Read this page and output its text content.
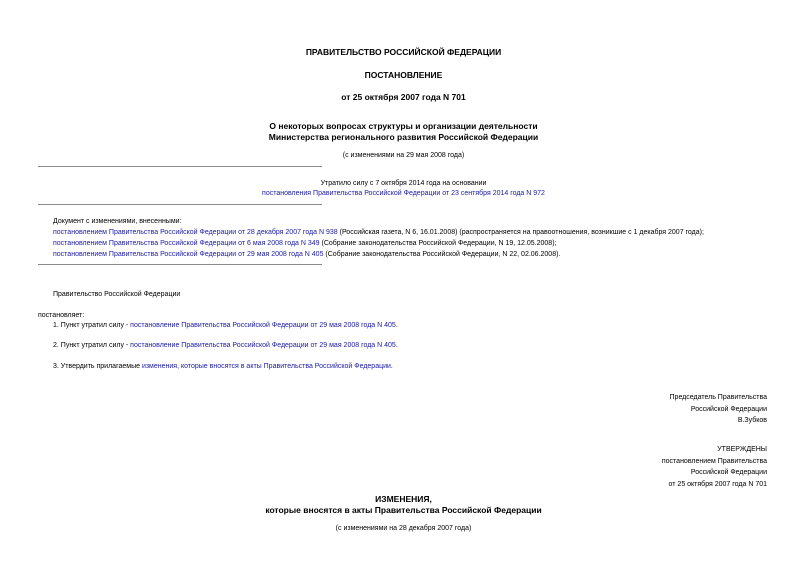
ПРАВИТЕЛЬСТВО РОССИЙСКОЙ ФЕДЕРАЦИИ
ПОСТАНОВЛЕНИЕ
от 25 октября 2007 года N 701
О некоторых вопросах структуры и организации деятельности
Министерства регионального развития Российской Федерации
(с изменениями на 29 мая 2008 года)
Утратило силу с 7 октября 2014 года на основании
постановления Правительства Российской Федерации от 23 сентября 2014 года N 972
Документ с изменениями, внесенными:
постановлением Правительства Российской Федерации от 28 декабря 2007 года N 938 (Российская газета, N 6, 16.01.2008) (распространяется на правоотношения, возникшие с 1 декабря 2007 года);
постановлением Правительства Российской Федерации от 6 мая 2008 года N 349 (Собрание законодательства Российской Федерации, N 19, 12.05.2008);
постановлением Правительства Российской Федерации от 29 мая 2008 года N 405 (Собрание законодательства Российской Федерации, N 22, 02.06.2008).
Правительство Российской Федерации
постановляет:
1. Пункт утратил силу - постановление Правительства Российской Федерации от 29 мая 2008 года N 405.
2. Пункт утратил силу - постановление Правительства Российской Федерации от 29 мая 2008 года N 405.
3. Утвердить прилагаемые изменения, которые вносятся в акты Правительства Российской Федерации.
Председатель Правительства
Российской Федерации
В.Зубков
УТВЕРЖДЕНЫ
постановлением Правительства
Российской Федерации
от 25 октября 2007 года N 701
ИЗМЕНЕНИЯ,
которые вносятся в акты Правительства Российской Федерации
(с изменениями на 28 декабря 2007 года)
